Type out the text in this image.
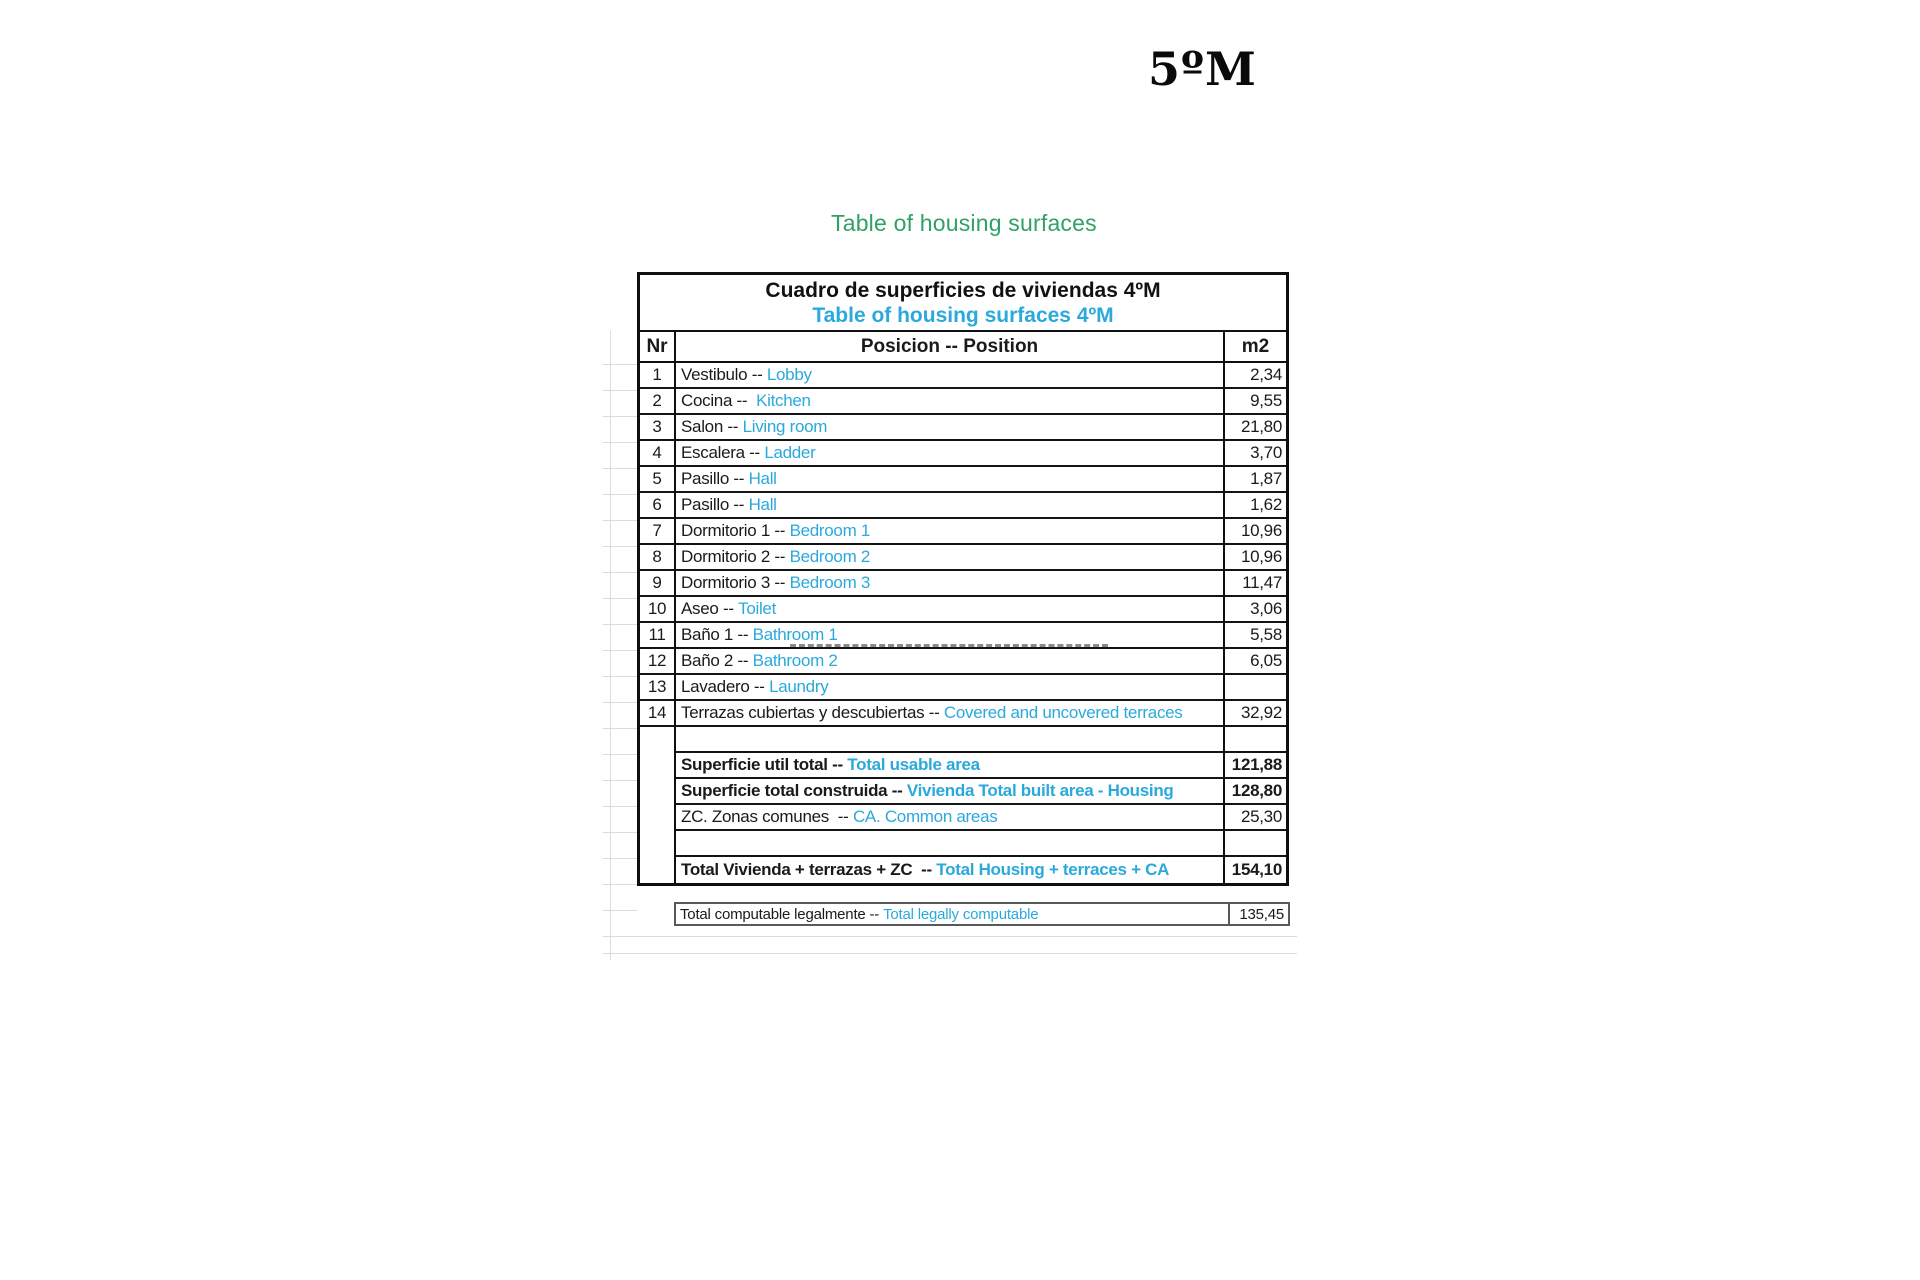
5ºM
Table of housing surfaces
Cuadro de superficies de viviendas 4ºM
Table of housing surfaces 4ºM
Nr	Posicion -- Position	m2
1	Vestibulo -- Lobby	2,34
2	Cocina -- Kitchen	9,55
3	Salon -- Living room	21,80
4	Escalera -- Ladder	3,70
5	Pasillo -- Hall	1,87
6	Pasillo -- Hall	1,62
7	Dormitorio 1 -- Bedroom 1	10,96
8	Dormitorio 2 -- Bedroom 2	10,96
9	Dormitorio 3 -- Bedroom 3	11,47
10 Aseo -- Toilet	3,06
11 Baño 1 -- Bathroom 1	5,58
12 Baño 2 -- Bathroom 2	6,05
13 Lavadero -- Laundry
14 Terrazas cubiertas y descubiertas -- Covered and uncovered terraces	32,92
Superficie util total -- Total usable area	121,88
Superficie total construida -- Vivienda Total built area - Housing	128,80
ZC. Zonas comunes  -- CA. Common areas	25,30
Total Vivienda + terrazas + ZC  -- Total Housing + terraces + CA	154,10
Total computable legalmente -- Total legally computable	135,45
